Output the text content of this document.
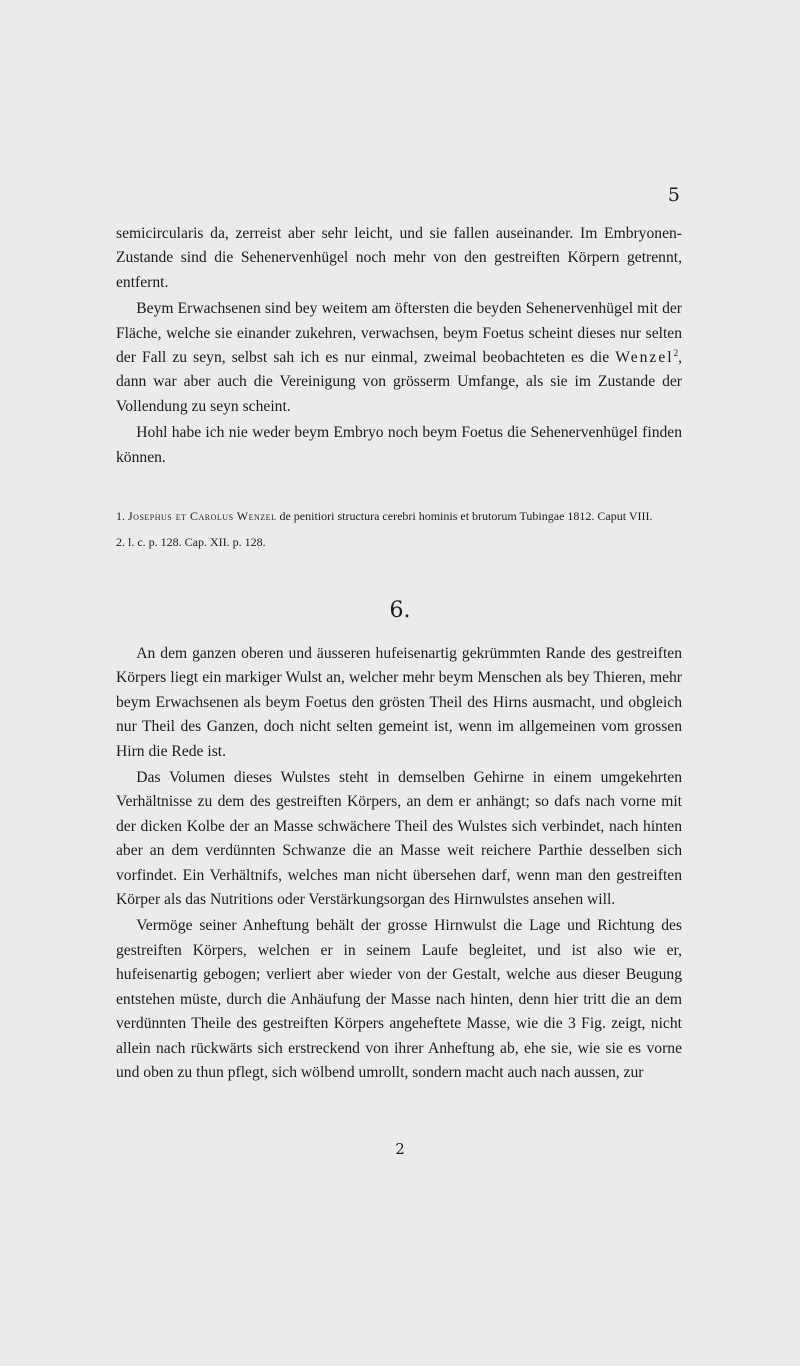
5

semicircularis da, zerreist aber sehr leicht, und sie fallen auseinander. Im Embryonen-Zustande sind die Sehenervenhügel noch mehr von den gestreiften Körpern getrennt, entfernt.

Beym Erwachsenen sind bey weitem am öftersten die beyden Sehenervenhügel mit der Fläche, welche sie einander zukehren, verwachsen, beym Foetus scheint dieses nur selten der Fall zu seyn, selbst sah ich es nur einmal, zweimal beobachteten es die Wenzel$^2$, dann war aber auch die Vereinigung von grösserm Umfange, als sie im Zustande der Vollendung zu seyn scheint.

Hohl habe ich nie weder beym Embryo noch beym Foetus die Sehenervenhügel finden können.

1. Josephus et Carolus Wenzel de penitiori structura cerebri hominis et brutorum Tubingae 1812. Caput VIII.

2. l. c. p. 128. Cap. XII. p. 128.

6.

An dem ganzen oberen und äusseren hufeisenartig gekrümmten Rande des gestreiften Körpers liegt ein markiger Wulst an, welcher mehr beym Menschen als bey Thieren, mehr beym Erwachsenen als beym Foetus den grösten Theil des Hirns ausmacht, und obgleich nur Theil des Ganzen, doch nicht selten gemeint ist, wenn im allgemeinen vom grossen Hirn die Rede ist.

Das Volumen dieses Wulstes steht in demselben Gehirne in einem umgekehrten Verhältnisse zu dem des gestreiften Körpers, an dem er anhängt; so dafs nach vorne mit der dicken Kolbe der an Masse schwächere Theil des Wulstes sich verbindet, nach hinten aber an dem verdünnten Schwanze die an Masse weit reichere Parthie desselben sich vorfindet. Ein Verhältnifs, welches man nicht übersehen darf, wenn man den gestreiften Körper als das Nutritions oder Verstärkungsorgan des Hirnwulstes ansehen will.

Vermöge seiner Anheftung behält der grosse Hirnwulst die Lage und Richtung des gestreiften Körpers, welchen er in seinem Laufe begleitet, und ist also wie er, hufeisenartig gebogen; verliert aber wieder von der Gestalt, welche aus dieser Beugung entstehen müste, durch die Anhäufung der Masse nach hinten, denn hier tritt die an dem verdünnten Theile des gestreiften Körpers angeheftete Masse, wie die 3 Fig. zeigt, nicht allein nach rückwärts sich erstreckend von ihrer Anheftung ab, ehe sie, wie sie es vorne und oben zu thun pflegt, sich wölbend umrollt, sondern macht auch nach aussen, zur

2
